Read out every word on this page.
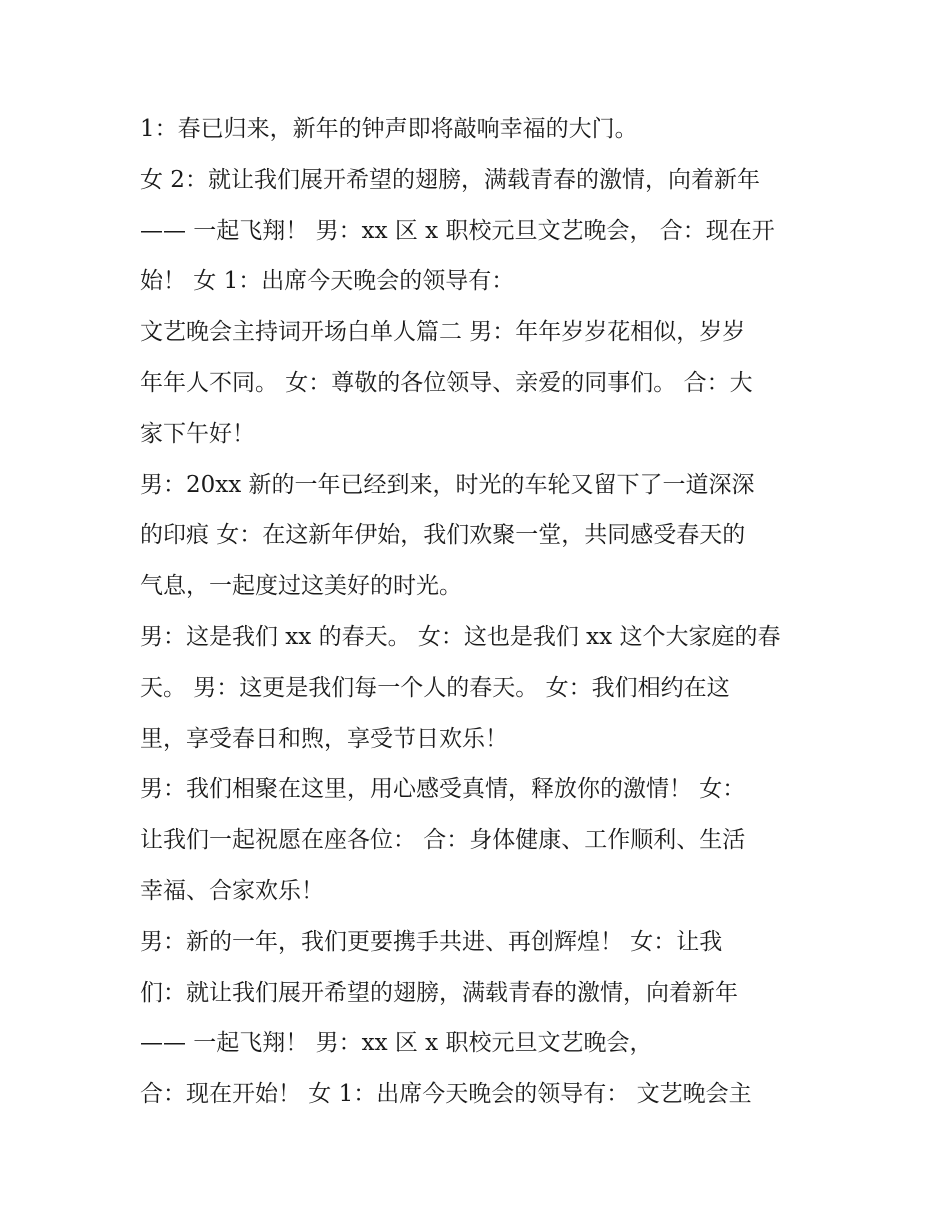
1：春已归来，新年的钟声即将敲响幸福的大门。
女 2：就让我们展开希望的翅膀，满载青春的激情，向着新年
—— 一起飞翔！ 男：xx 区 x 职校元旦文艺晚会， 合：现在开
始！ 女 1：出席今天晚会的领导有：
文艺晚会主持词开场白单人篇二 男：年年岁岁花相似，岁岁
年年人不同。 女：尊敬的各位领导、亲爱的同事们。 合：大
家下午好！
男：20xx 新的一年已经到来，时光的车轮又留下了一道深深
的印痕 女：在这新年伊始，我们欢聚一堂，共同感受春天的
气息，一起度过这美好的时光。
男：这是我们 xx 的春天。 女：这也是我们 xx 这个大家庭的春
天。 男：这更是我们每一个人的春天。 女：我们相约在这
里，享受春日和煦，享受节日欢乐！
男：我们相聚在这里，用心感受真情，释放你的激情！ 女：
让我们一起祝愿在座各位： 合：身体健康、工作顺利、生活
幸福、合家欢乐！
男：新的一年，我们更要携手共进、再创辉煌！ 女：让我
们：就让我们展开希望的翅膀，满载青春的激情，向着新年
—— 一起飞翔！ 男：xx 区 x 职校元旦文艺晚会，
合：现在开始！ 女 1：出席今天晚会的领导有： 文艺晚会主
